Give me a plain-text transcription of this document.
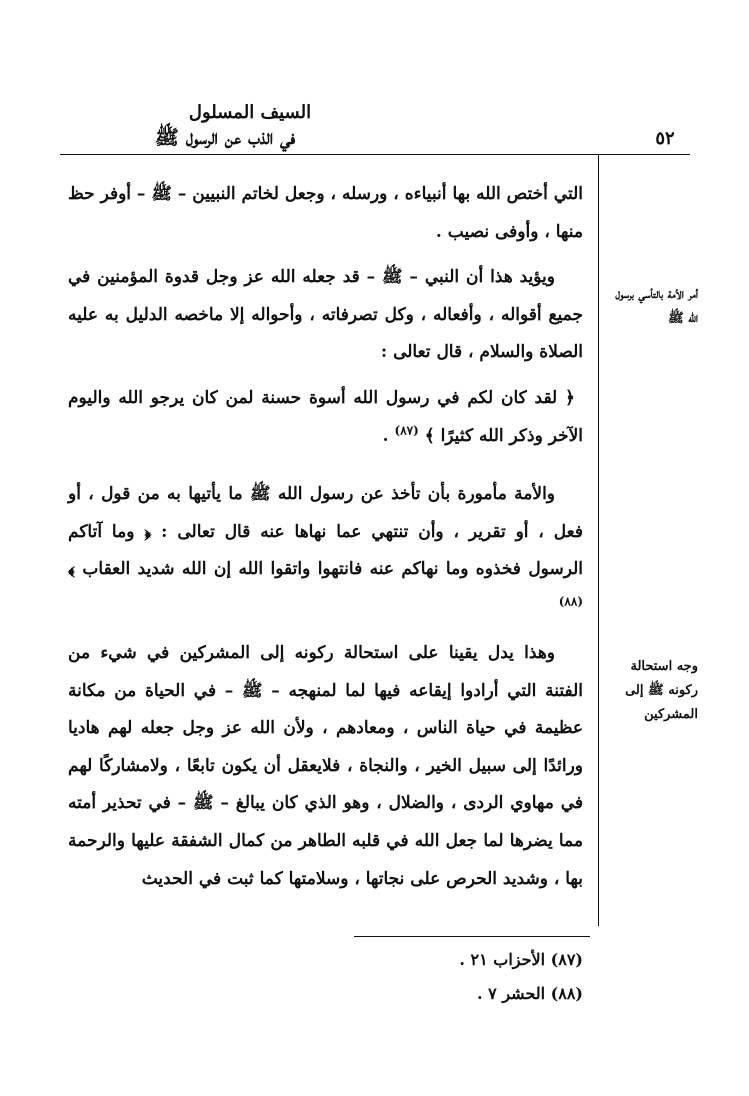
السيف المسلول
في الذب عن الرسول ﷺ	٥٢
التي أختص الله بها أنبياءه ، ورسله ، وجعل لخاتم النبيين – ﷺ – أوفر حظ منها ، وأوفى نصيب .
ويؤيد هذا أن النبي – ﷺ – قد جعله الله عز وجل قدوة المؤمنين في جميع أقواله ، وأفعاله ، وكل تصرفاته ، وأحواله إلا ماخصه الدليل به عليه الصلاة والسلام ، قال تعالى :
﴿ لقد كان لكم في رسول الله أسوة حسنة لمن كان يرجو الله واليوم الآخر وذكر الله كثيرًا ﴾ $^{(٨٧)}$ .
والأمة مأمورة بأن تأخذ عن رسول الله ﷺ ما يأتيها به من قول ، أو فعل ، أو تقرير ، وأن تنتهي عما نهاها عنه قال تعالى : ﴿ وما آتاكم الرسول فخذوه وما نهاكم عنه فانتهوا واتقوا الله إن الله شديد العقاب ﴾ $^{(٨٨)}$
وهذا يدل يقينا على استحالة ركونه إلى المشركين في شيء من الفتنة التي أرادوا إيقاعه فيها لما لمنهجه – ﷺ – في الحياة من مكانة عظيمة في حياة الناس ، ومعادهم ، ولأن الله عز وجل جعله لهم هاديا ورائدًا إلى سبيل الخير ، والنجاة ، فلايعقل أن يكون تابعًا ، ولامشاركًا لهم في مهاوي الردى ، والضلال ، وهو الذي كان يبالغ – ﷺ – في تحذير أمته مما يضرها لما جعل الله في قلبه الطاهر من كمال الشفقة عليها والرحمة بها ، وشديد الحرص على نجاتها ، وسلامتها كما ثبت في الحديث
أمر الأمة بالتأسي برسول الله ﷺ
وجه استحالة ركونه ﷺ إلى المشركين
(٨٧) الأحزاب ٢١ .
(٨٨) الحشر ٧ .
